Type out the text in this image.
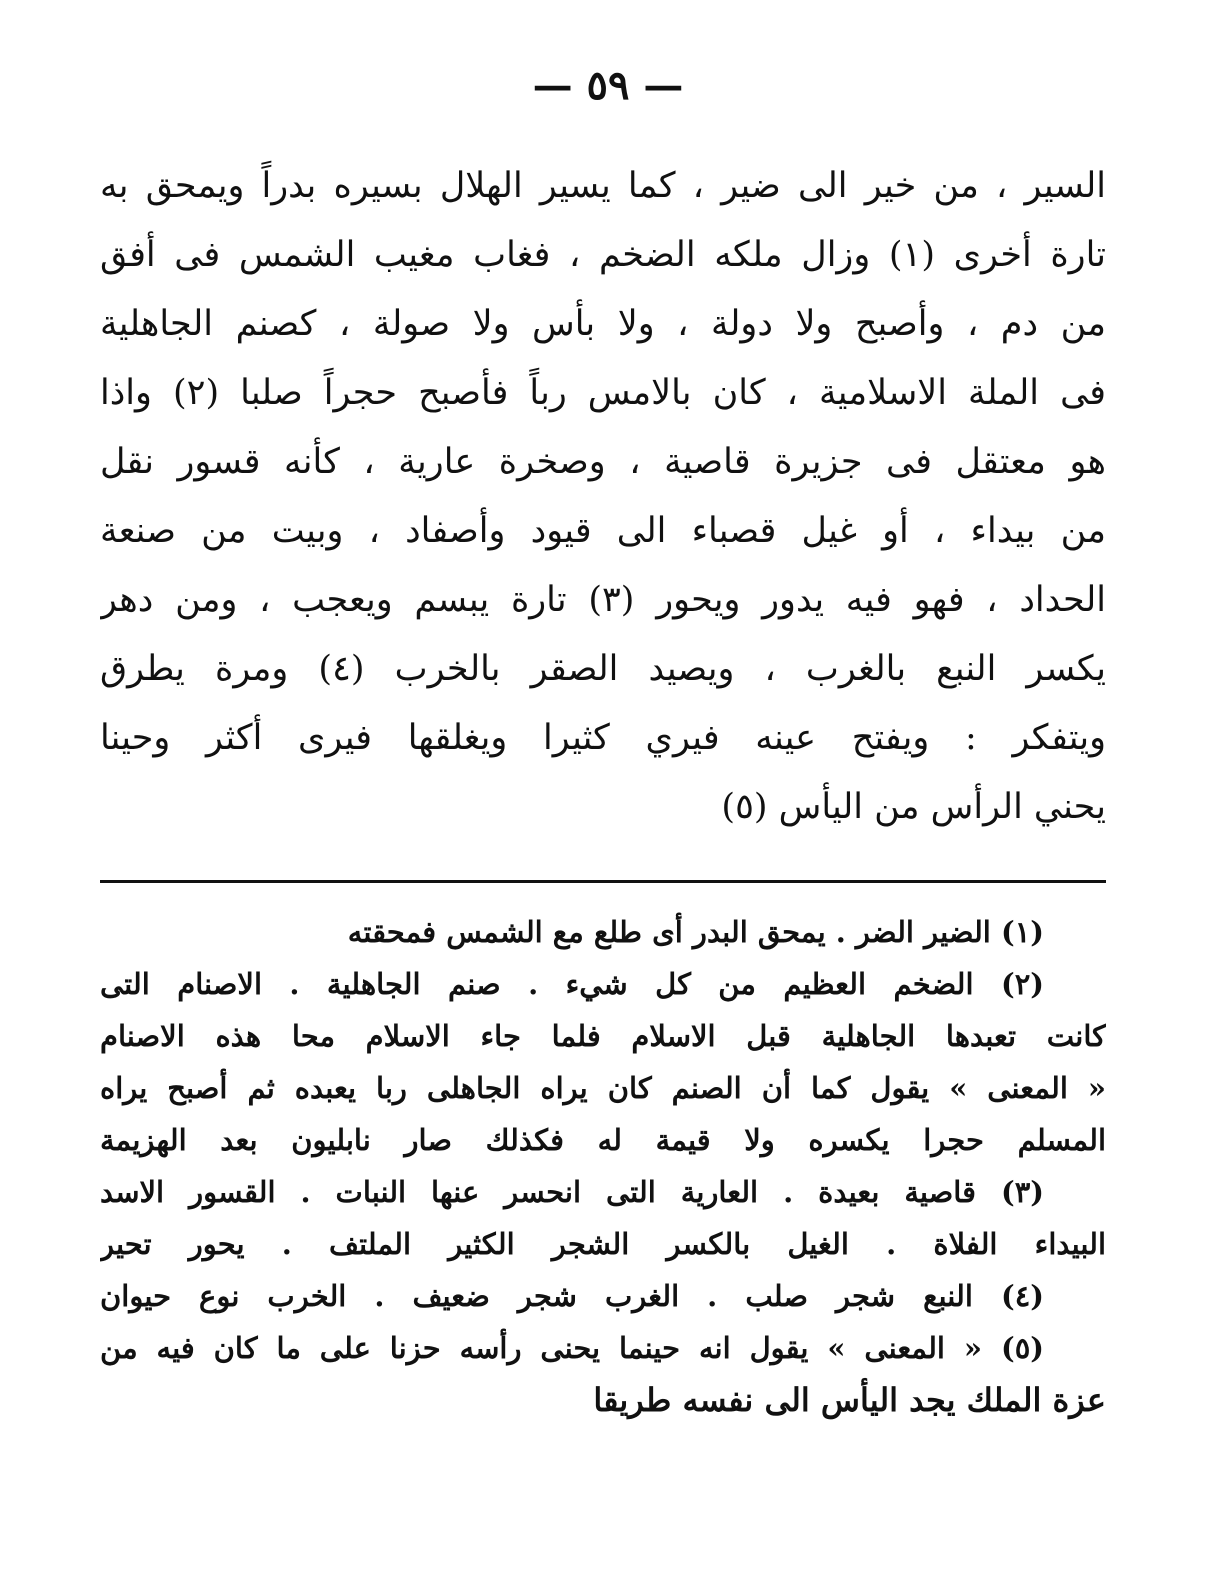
— ٥٩ —
السير ، من خير الى ضير ، كما يسير الهلال بسيره بدراً ويمحق به
تارة أخرى (١) وزال ملكه الضخم ، فغاب مغيب الشمس فى أفق
من دم ، وأصبح ولا دولة ، ولا بأس ولا صولة ، كصنم الجاهلية
فى الملة الاسلامية ، كان بالامس رباً فأصبح حجراً صلبا (٢) واذا
هو معتقل فى جزيرة قاصية ، وصخرة عارية ، كأنه قسور نقل
من بيداء ، أو غيل قصباء الى قيود وأصفاد ، وبيت من صنعة
الحداد ، فهو فيه يدور ويحور (٣) تارة يبسم ويعجب ، ومن دهر
يكسر النبع بالغرب ، ويصيد الصقر بالخرب (٤) ومرة يطرق
ويتفكر : ويفتح عينه فيري كثيرا ويغلقها فيرى أكثر وحينا
يحني الرأس من اليأس (٥)
(١) الضير الضر . يمحق البدر أى طلع مع الشمس فمحقته
(٢) الضخم العظيم من كل شيء . صنم الجاهلية . الاصنام التى
كانت تعبدها الجاهلية قبل الاسلام فلما جاء الاسلام محا هذه الاصنام
« المعنى » يقول كما أن الصنم كان يراه الجاهلى ربا يعبده ثم أصبح يراه
المسلم حجرا يكسره ولا قيمة له فكذلك صار نابليون بعد الهزيمة
(٣) قاصية بعيدة . العارية التى انحسر عنها النبات . القسور الاسد
البيداء الفلاة . الغيل بالكسر الشجر الكثير الملتف . يحور تحير
(٤) النبع شجر صلب . الغرب شجر ضعيف . الخرب نوع حيوان
(٥) « المعنى » يقول انه حينما يحنى رأسه حزنا على ما كان فيه من
عزة الملك يجد اليأس الى نفسه طريقا
